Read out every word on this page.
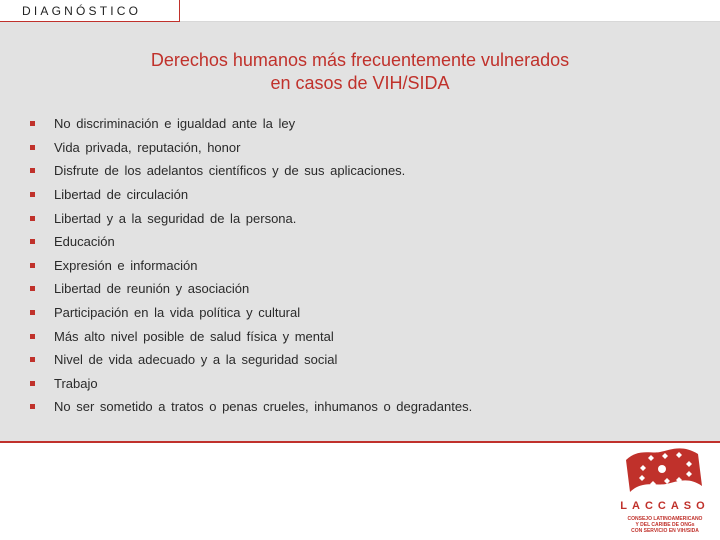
DIAGNÓSTICO
Derechos humanos más frecuentemente vulnerados
en casos de VIH/SIDA
No discriminación e igualdad ante la ley
Vida privada, reputación, honor
Disfrute de los adelantos científicos y de sus aplicaciones.
Libertad de circulación
Libertad y a la seguridad de la persona.
Educación
Expresión e información
Libertad de reunión y asociación
Participación en la vida política y cultural
Más alto nivel posible de salud física y mental
Nivel de vida adecuado y a la seguridad social
Trabajo
No ser sometido a tratos o penas crueles, inhumanos o degradantes.
LACCASO
CONSEJO LATINOAMERICANO
Y DEL CARIBE DE ONGs
CON SERVICIO EN VIH/SIDA
